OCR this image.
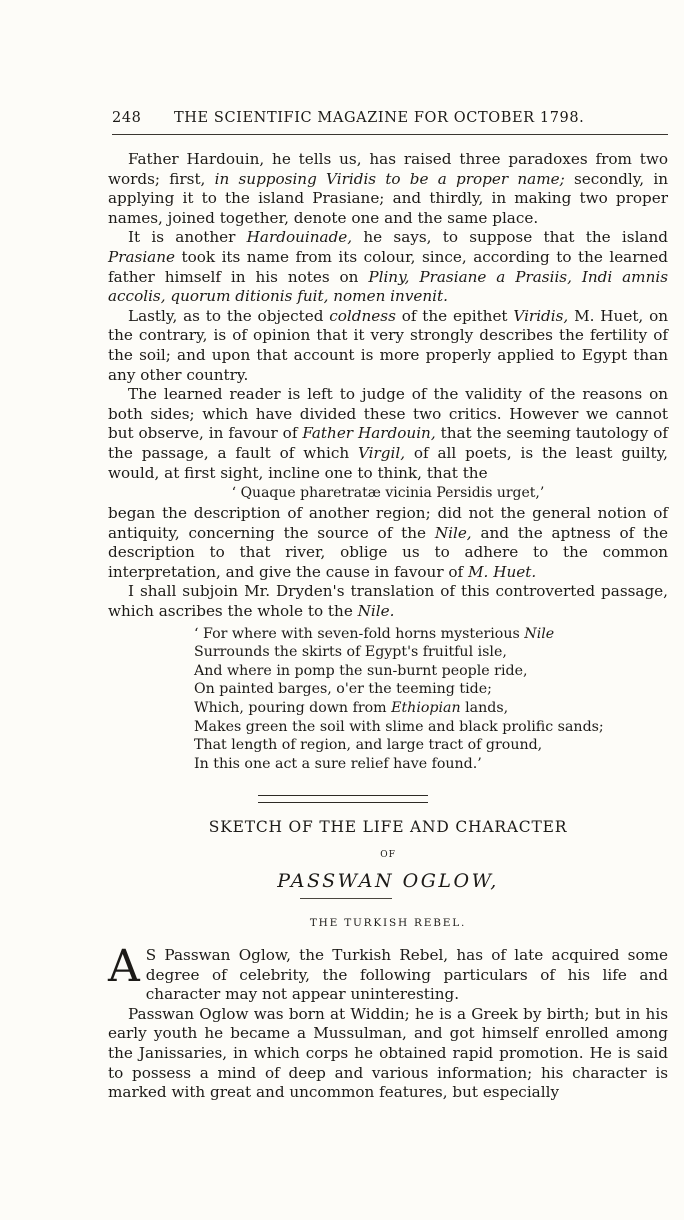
248 THE SCIENTIFIC MAGAZINE FOR OCTOBER 1798.

Father Hardouin, he tells us, has raised three paradoxes from two words; first, in supposing Viridis to be a proper name; secondly, in applying it to the island Prasiane; and thirdly, in making two proper names, joined together, denote one and the same place.

It is another Hardouinade, he says, to suppose that the island Prasiane took its name from its colour, since, according to the learned father himself in his notes on Pliny, Prasiane a Prasiis, Indi amnis accolis, quorum ditionis fuit, nomen invenit.

Lastly, as to the objected coldness of the epithet Viridis, M. Huet, on the contrary, is of opinion that it very strongly describes the fertility of the soil; and upon that account is more properly applied to Egypt than any other country.

The learned reader is left to judge of the validity of the reasons on both sides; which have divided these two critics. However we cannot but observe, in favour of Father Hardouin, that the seeming tautology of the passage, a fault of which Virgil, of all poets, is the least guilty, would, at first sight, incline one to think, that the

‘ Quaque pharetratæ vicinia Persidis urget,’

began the description of another region; did not the general notion of antiquity, concerning the source of the Nile, and the aptness of the description to that river, oblige us to adhere to the common interpretation, and give the cause in favour of M. Huet.

I shall subjoin Mr. Dryden's translation of this controverted passage, which ascribes the whole to the Nile.

‘ For where with seven-fold horns mysterious Nile
Surrounds the skirts of Egypt's fruitful isle,
And where in pomp the sun-burnt people ride,
On painted barges, o'er the teeming tide;
Which, pouring down from Ethiopian lands,
Makes green the soil with slime and black prolific sands;
That length of region, and large tract of ground,
In this one act a sure relief have found.’
SKETCH OF THE LIFE AND CHARACTER
OF
PASSWAN OGLOW,
THE TURKISH REBEL.

A S Passwan Oglow, the Turkish Rebel, has of late acquired some degree of celebrity, the following particulars of his life and character may not appear uninteresting.

Passwan Oglow was born at Widdin; he is a Greek by birth; but in his early youth he became a Mussulman, and got himself enrolled among the Janissaries, in which corps he obtained rapid promotion. He is said to possess a mind of deep and various information; his character is marked with great and uncommon features, but especially
